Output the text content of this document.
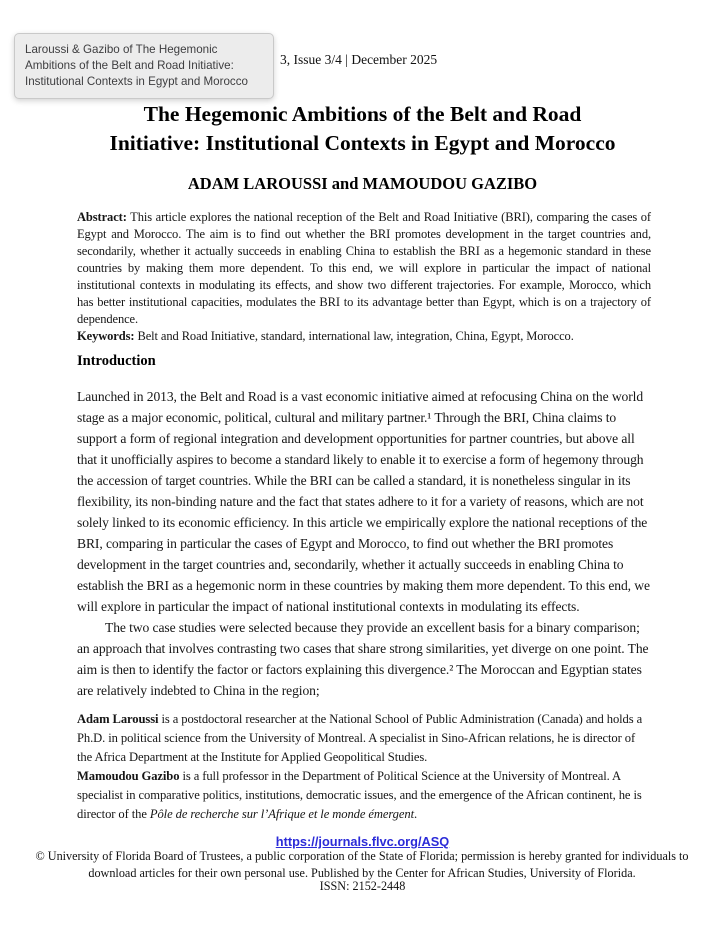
Laroussi & Gazibo of The Hegemonic Ambitions of the Belt and Road Initiative: Institutional Contexts in Egypt and Morocco
3, Issue 3/4 | December 2025
The Hegemonic Ambitions of the Belt and Road
Initiative: Institutional Contexts in Egypt and Morocco
ADAM LAROUSSI and MAMOUDOU GAZIBO

Abstract: This article explores the national reception of the Belt and Road Initiative (BRI), comparing the cases of Egypt and Morocco. The aim is to find out whether the BRI promotes development in the target countries and, secondarily, whether it actually succeeds in enabling China to establish the BRI as a hegemonic standard in these countries by making them more dependent. To this end, we will explore in particular the impact of national institutional contexts in modulating its effects, and show two different trajectories. For example, Morocco, which has better institutional capacities, modulates the BRI to its advantage better than Egypt, which is on a trajectory of dependence.

Keywords: Belt and Road Initiative, standard, international law, integration, China, Egypt, Morocco.

Introduction

Launched in 2013, the Belt and Road is a vast economic initiative aimed at refocusing China on the world stage as a major economic, political, cultural and military partner.¹ Through the BRI, China claims to support a form of regional integration and development opportunities for partner countries, but above all that it unofficially aspires to become a standard likely to enable it to exercise a form of hegemony through the accession of target countries. While the BRI can be called a standard, it is nonetheless singular in its flexibility, its non-binding nature and the fact that states adhere to it for a variety of reasons, which are not solely linked to its economic efficiency. In this article we empirically explore the national receptions of the BRI, comparing in particular the cases of Egypt and Morocco, to find out whether the BRI promotes development in the target countries and, secondarily, whether it actually succeeds in enabling China to establish the BRI as a hegemonic norm in these countries by making them more dependent. To this end, we will explore in particular the impact of national institutional contexts in modulating its effects.

The two case studies were selected because they provide an excellent basis for a binary comparison; an approach that involves contrasting two cases that share strong similarities, yet diverge on one point. The aim is then to identify the factor or factors explaining this divergence.² The Moroccan and Egyptian states are relatively indebted to China in the region;

Adam Laroussi is a postdoctoral researcher at the National School of Public Administration (Canada) and holds a Ph.D. in political science from the University of Montreal. A specialist in Sino-African relations, he is director of the Africa Department at the Institute for Applied Geopolitical Studies.

Mamoudou Gazibo is a full professor in the Department of Political Science at the University of Montreal. A specialist in comparative politics, institutions, democratic issues, and the emergence of the African continent, he is director of the Pôle de recherche sur l’Afrique et le monde émergent.

https://journals.flvc.org/ASQ
© University of Florida Board of Trustees, a public corporation of the State of Florida; permission is hereby granted for individuals to download articles for their own personal use. Published by the Center for African Studies, University of Florida.
ISSN: 2152-2448
